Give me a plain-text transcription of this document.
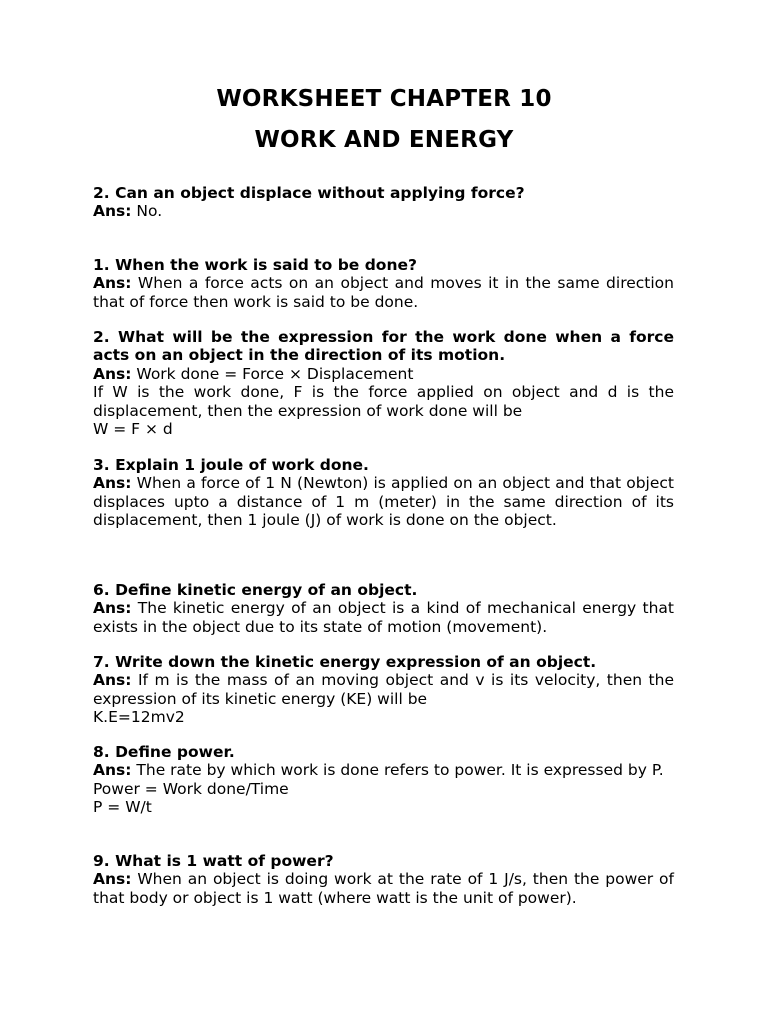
WORKSHEET CHAPTER 10
WORK AND ENERGY
2. Can an object displace without applying force?
Ans: No.
1. When the work is said to be done?
Ans: When a force acts on an object and moves it in the same direction that of force then work is said to be done.
2. What will be the expression for the work done when a force acts on an object in the direction of its motion.
Ans: Work done = Force × Displacement
If W is the work done, F is the force applied on object and d is the displacement, then the expression of work done will be
W = F × d
3. Explain 1 joule of work done.
Ans: When a force of 1 N (Newton) is applied on an object and that object displaces upto a distance of 1 m (meter) in the same direction of its displacement, then 1 joule (J) of work is done on the object.
6. Define kinetic energy of an object.
Ans: The kinetic energy of an object is a kind of mechanical energy that exists in the object due to its state of motion (movement).
7. Write down the kinetic energy expression of an object.
Ans: If m is the mass of an moving object and v is its velocity, then the expression of its kinetic energy (KE) will be
K.E=12mv2
8. Define power.
Ans: The rate by which work is done refers to power. It is expressed by P.
Power = Work done/Time
P = W/t
9. What is 1 watt of power?
Ans: When an object is doing work at the rate of 1 J/s, then the power of that body or object is 1 watt (where watt is the unit of power).
